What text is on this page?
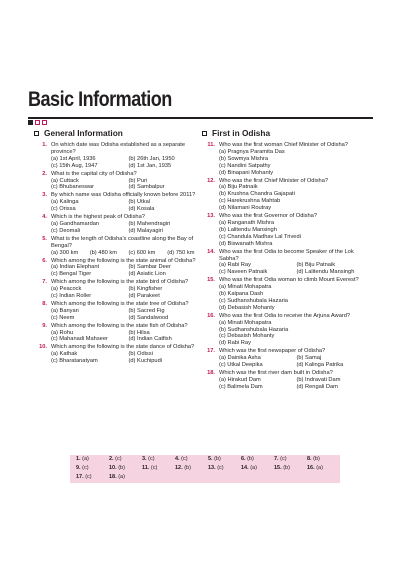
Basic Information
General Information
1. On which date was Odisha established as a separate province?
(a) 1st April, 1936	(b) 26th Jan, 1950
(c) 15th Aug, 1947	(d) 1st Jan, 1935
2. What is the capital city of Odisha?
(a) Cuttack	(b) Puri
(c) Bhubaneswar	(d) Sambalpur
3. By which name was Odisha officially known before 2011?
(a) Kalinga	(b) Utkal
(c) Orissa	(d) Kosala
4. Which is the highest peak of Odisha?
(a) Gandhamardan	(b) Mahendragiri
(c) Deomali	(d) Malayagiri
5. What is the length of Odisha's coastline along the Bay of Bengal?
(a) 300 km	(b) 480 km	(c) 600 km	(d) 750 km
6. Which among the following is the state animal of Odisha?
(a) Indian Elephant	(b) Sambar Deer
(c) Bengal Tiger	(d) Asiatic Lion
7. Which among the following is the state bird of Odisha?
(a) Peacock	(b) Kingfisher
(c) Indian Roller	(d) Parakeet
8. Which among the following is the state tree of Odisha?
(a) Banyan	(b) Sacred Fig
(c) Neem	(d) Sandalwood
9. Which among the following is the state fish of Odisha?
(a) Rohu	(b) Hilsa
(c) Mahanadi Mahseer	(d) Indian Catfish
10. Which among the following is the state dance of Odisha?
(a) Kathak	(b) Odissi
(c) Bharatanatyam	(d) Kuchipudi
First in Odisha
11. Who was the first woman Chief Minister of Odisha?
(a) Pragnya Paramita Das
(b) Sowmya Mishra
(c) Nandini Satpathy
(d) Binapani Mohanty
12. Who was the first Chief Minister of Odisha?
(a) Biju Patnaik
(b) Krushna Chandra Gajapati
(c) Harekrushna Mahtab
(d) Nilamani Routray
13. Who was the first Governor of Odisha?
(a) Ranganath Mishra
(b) Lalitendu Mansingh
(c) Chandula Madhav Lal Trivedi
(d) Biswanath Mishra
14. Who was the first Odia to become Speaker of the Lok Sabha?
(a) Rabi Ray	(b) Biju Patnaik
(c) Naveen Patnaik	(d) Lalitendu Mansingh
15. Who was the first Odia woman to climb Mount Everest?
(a) Minati Mohapatra
(b) Kalpana Dash
(c) Sudhanshubala Hazaria
(d) Debasish Mohanty
16. Who was the first Odia to receive the Arjuna Award?
(a) Minati Mohapatra
(b) Sudhanshubala Hazaria
(c) Debasish Mohanty
(d) Rabi Ray
17. Which was the first newspaper of Odisha?
(a) Dainika Asha	(b) Samaj
(c) Utkal Deepika	(d) Kalinga Patrika
18. Which was the first river dam built in Odisha?
(a) Hirakud Dam	(b) Indravati Dam
(c) Balimela Dam	(d) Rengali Dam
1. (a)	2. (c)	3. (c)	4. (c)	5. (b)	6. (b)	7. (c)	8. (b)
9. (c)	10. (b)	11. (c)	12. (b)	13. (c)	14. (a)	15. (b)	16. (a)
17. (c)	18. (a)
